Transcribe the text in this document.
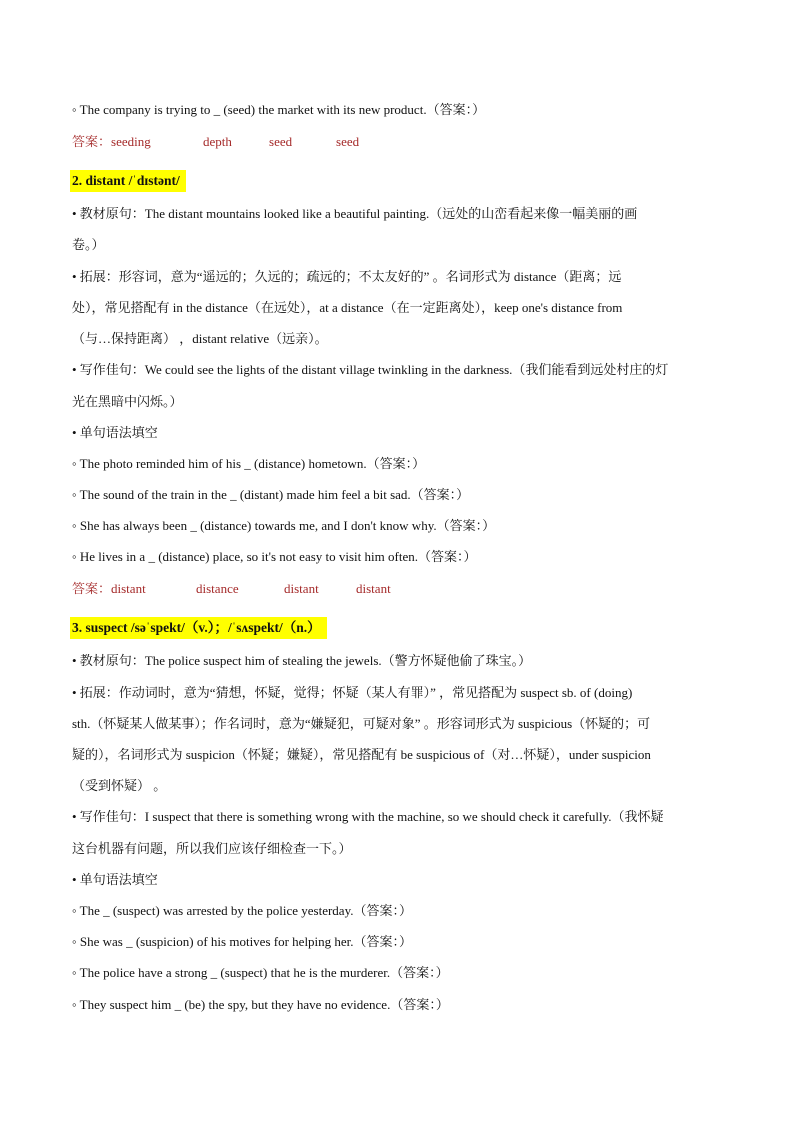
◦ The company is trying to _ (seed) the market with its new product.（答案：）
答案：seeding	depth	seed	seed
2. distant /ˈdɪstənt/
• 教材原句：The distant mountains looked like a beautiful painting.（远处的山峦看起来像一幅美丽的画
卷。）
• 拓展：形容词，意为“遥远的；久远的；疏远的；不太友好的” 。名词形式为 distance（距离；远
处），常见搭配有 in the distance（在远处），at a distance（在一定距离处），keep one's distance from
（与…保持距离） ，distant relative（远亲）。
• 写作佳句：We could see the lights of the distant village twinkling in the darkness.（我们能看到远处村庄的灯
光在黑暗中闪烁。）
• 单句语法填空
◦ The photo reminded him of his _ (distance) hometown.（答案：）
◦ The sound of the train in the _ (distant) made him feel a bit sad.（答案：）
◦ She has always been _ (distance) towards me, and I don't know why.（答案：）
◦ He lives in a _ (distance) place, so it's not easy to visit him often.（答案：）
答案：distant	distance	distant	distant
3. suspect /səˈspekt/（v.）；/ˈsʌspekt/（n.）
• 教材原句：The police suspect him of stealing the jewels.（警方怀疑他偷了珠宝。）
• 拓展：作动词时，意为“猜想，怀疑，觉得；怀疑（某人有罪）” ，常见搭配为 suspect sb. of (doing)
sth.（怀疑某人做某事）；作名词时，意为“嫌疑犯，可疑对象” 。形容词形式为 suspicious（怀疑的；可
疑的），名词形式为 suspicion（怀疑；嫌疑），常见搭配有 be suspicious of（对…怀疑），under suspicion
（受到怀疑） 。
• 写作佳句：I suspect that there is something wrong with the machine, so we should check it carefully.（我怀疑
这台机器有问题，所以我们应该仔细检查一下。）
• 单句语法填空
◦ The _ (suspect) was arrested by the police yesterday.（答案：）
◦ She was _ (suspicion) of his motives for helping her.（答案：）
◦ The police have a strong _ (suspect) that he is the murderer.（答案：）
◦ They suspect him _ (be) the spy, but they have no evidence.（答案：）
